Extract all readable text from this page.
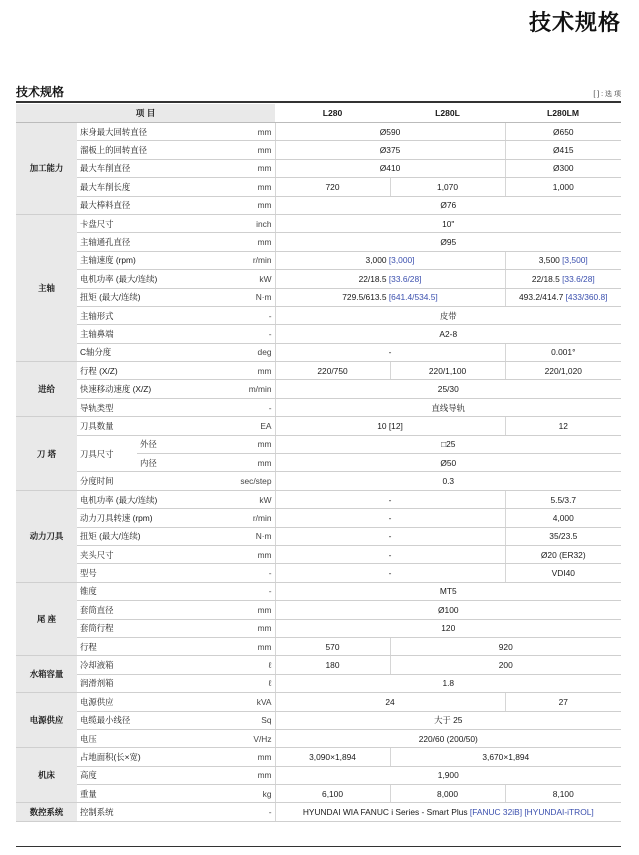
技术规格
技术规格	[ ] : 选 项
项 目				L280	L280L	L280LM
加工能力	床身最大回转直径		mm	Ø590		Ø650
	溜板上的回转直径		mm	Ø375		Ø415
	最大车削直径		mm	Ø410		Ø300
	最大车削长度		mm	720	1,070	1,000
	最大棒料直径		mm	Ø76		
主轴	卡盘尺寸		inch	10"		
	主轴通孔直径		mm	Ø95		
	主轴速度 (rpm)		r/min	3,000 [3,000]		3,500 [3,500]
	电机功率 (最大/连续)		kW	22/18.5 [33.6/28]		22/18.5 [33.6/28]
	扭矩 (最大/连续)		N·m	729.5/613.5 [641.4/534.5]		493.2/414.7 [433/360.8]
	主轴形式		-	皮带		
	主轴鼻端		-	A2-8		
	C轴分度		deg	-		0.001°
进给	行程 (X/Z)		mm	220/750	220/1,100	220/1,020
	快速移动速度 (X/Z)		m/min	25/30		
	导轨类型		-	直线导轨		
刀 塔	刀具数量		EA	10 [12]		12
	刀具尺寸	外径	mm	□25		
		内径	mm	Ø50		
	分度时间		sec/step	0.3		
动力刀具	电机功率 (最大/连续)		kW	-		5.5/3.7
	动力刀具转速 (rpm)		r/min	-		4,000
	扭矩 (最大/连续)		N·m	-		35/23.5
	夹头尺寸		mm	-		Ø20 (ER32)
	型号		-	-		VDI40
尾 座	锥度		-	MT5		
	套筒直径		mm	Ø100		
	套筒行程		mm	120		
	行程		mm	570	920	
水箱容量	冷却液箱		ℓ	180	200	
	润滑剂箱		ℓ	1.8		
电源供应	电源供应		kVA	24		27
	电缆最小线径		Sq	大于 25		
	电压		V/Hz	220/60 (200/50)		
机床	占地面积(长×宽)		mm	3,090×1,894	3,670×1,894	
	高度		mm	1,900		
	重量		kg	6,100	8,000	8,100
数控系统	控制系统		-	HYUNDAI WIA FANUC i Series - Smart Plus [FANUC 32iB] [HYUNDAI-iTROL]		
